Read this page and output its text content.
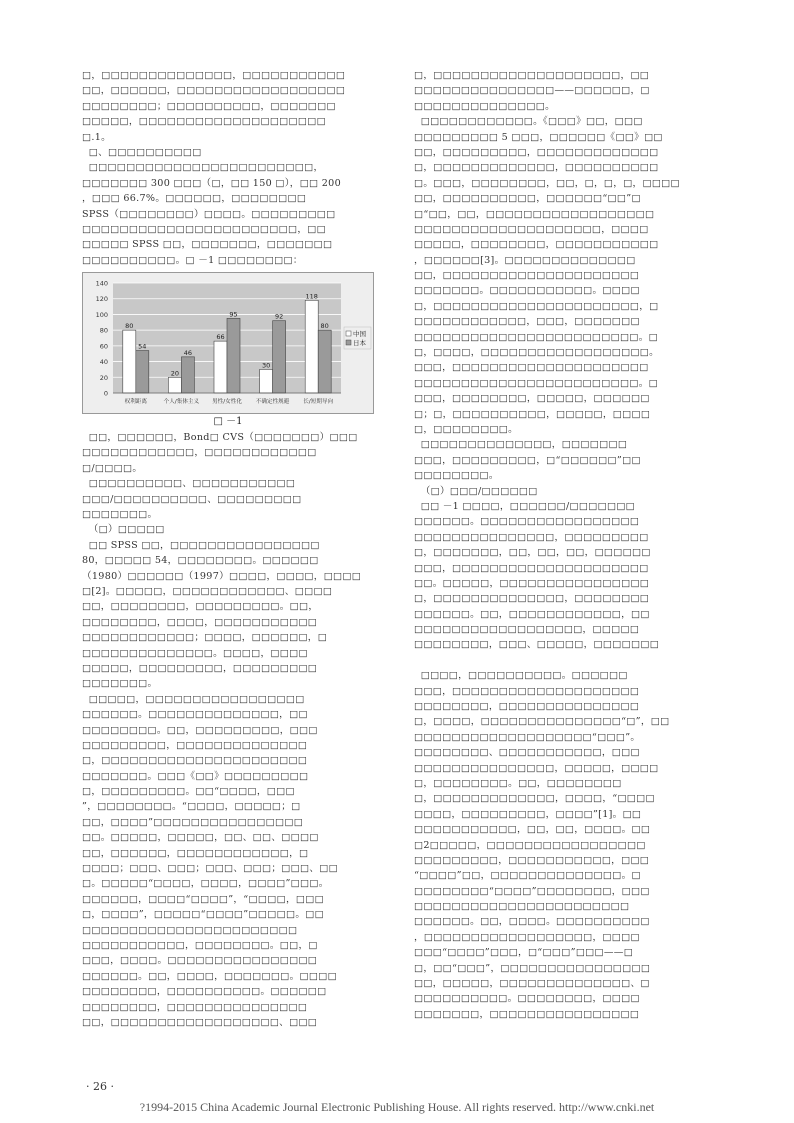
□，□□□□□□□□□□□□□□，□□□□□□□□□□□
□□，□□□□□□，□□□□□□□□□□□□□□□□□□
□□□□□□□□；□□□□□□□□□□，□□□□□□□
□□□□□，□□□□□□□□□□□□□□□□□□□□
□.1。
□、□□□□□□□□□□
□□□□□□□□□□□□□□□□□□□□□□□□，
□□□□□□□ 300 □□□（□，□□ 150 □），□□ 200
，□□□ 66.7%。□□□□□□，□□□□□□□□
SPSS（□□□□□□□□）□□□□。□□□□□□□□□
□□□□□□□□□□□□□□□□□□□□□□□，□□
□□□□□ SPSS □□，□□□□□□□，□□□□□□□
□□□□□□□□□□。□ －1 □□□□□□□□：
0
20
40
60
80
100
120
140
80
54
权利距离
20
46
个人/集体主义
66
95
男性/女性化
30
92
不确定性规避
118
80
长/短期导向
中国
日本
□ －1
□□，□□□□□□，Bond□ CVS（□□□□□□□）□□□
□□□□□□□□□□□□，□□□□□□□□□□□□
□/□□□□。
□□□□□□□□□□、□□□□□□□□□□□
□□□/□□□□□□□□□□、□□□□□□□□□
□□□□□□□。
（□）□□□□□
□□ SPSS □□，□□□□□□□□□□□□□□□□
80，□□□□□ 54，□□□□□□□□。□□□□□□
（1980）□□□□□□（1997）□□□□，□□□□，□□□□
□[2]。□□□□□，□□□□□□□□□□□□、□□□□
□□，□□□□□□□□，□□□□□□□□□。□□，
□□□□□□□□，□□□□，□□□□□□□□□□□
□□□□□□□□□□□□；□□□□，□□□□□□，□
□□□□□□□□□□□□□□。□□□□，□□□□
□□□□□，□□□□□□□□□，□□□□□□□□□
□□□□□□□。
□□□□□，□□□□□□□□□□□□□□□□□
□□□□□□。□□□□□□□□□□□□□□，□□
□□□□□□□□。□□，□□□□□□□□□，□□□
□□□□□□□□□，□□□□□□□□□□□□□□
□，□□□□□□□□□□□□□□□□□□□□□□
□□□□□□□。□□□《□□》□□□□□□□□□
□，□□□□□□□□□。□□“□□□□，□□□
”，□□□□□□□□。“□□□□，□□□□□；□
□□，□□□□”□□□□□□□□□□□□□□□□
□□。□□□□□，□□□□□，□□、□□、□□□□
□□，□□□□□□，□□□□□□□□□□□□，□
□□□□；□□□、□□□；□□□、□□□；□□□、□□
□。□□□□□“□□□□，□□□□，□□□□”□□□。
□□□□□□，□□□□“□□□□”，“□□□□，□□□
□，□□□□”，□□□□□“□□□□”□□□□□。□□
□□□□□□□□□□□□□□□□□□□□□□□
□□□□□□□□□□□，□□□□□□□□。□□，□
□□□，□□□□。□□□□□□□□□□□□□□□□
□□□□□□。□□，□□□□，□□□□□□□。□□□□
□□□□□□□□，□□□□□□□□□□。□□□□□□
□□□□□□□□，□□□□□□□□□□□□□□□
□□，□□□□□□□□□□□□□□□□□□、□□□
□，□□□□□□□□□□□□□□□□□□□□，□□
□□□□□□□□□□□□□□□——□□□□□□，□
□□□□□□□□□□□□□□。
□□□□□□□□□□□□。《□□□》□□，□□□
□□□□□□□□□ 5 □□□，□□□□□□《□□》□□
□□，□□□□□□□□□，□□□□□□□□□□□□□
□，□□□□□□□□□□□□□，□□□□□□□□□□
□。□□□，□□□□□□□□，□□，□，□，□，□□□□
□□，□□□□□□□□□□，□□□□□□“□□”□
□“□□，□□，□□□□□□□□□□□□□□□□□□
□□□□□□□□□□□□□□□□□□□□，□□□□
□□□□□，□□□□□□□□，□□□□□□□□□□□
，□□□□□□[3]。□□□□□□□□□□□□□□
□□，□□□□□□□□□□□□□□□□□□□□□
□□□□□□□。□□□□□□□□□□□。□□□□
□，□□□□□□□□□□□□□□□□□□□□□□，□
□□□□□□□□□□□□，□□□，□□□□□□□
□□□□□□□□□□□□□□□□□□□□□□□□。□
□，□□□□，□□□□□□□□□□□□□□□□□□。
□□□，□□□□□□□□□□□□□□□□□□□□□
□□□□□□□□□□□□□□□□□□□□□□□□。□
□□□，□□□□□□□□，□□□□□，□□□□□□
□；□，□□□□□□□□□□，□□□□□，□□□□
□，□□□□□□□□。
□□□□□□□□□□□□□□，□□□□□□□
□□□，□□□□□□□□□，□“□□□□□□”□□
□□□□□□□□。
（□）□□□/□□□□□□
□□ －1 □□□□，□□□□□□/□□□□□□□
□□□□□□。□□□□□□□□□□□□□□□□□
□□□□□□□□□□□□□□□，□□□□□□□□□
□，□□□□□□□，□□，□□，□□，□□□□□□
□□□，□□□□□□□□□□□□□□□□□□□□□
□□。□□□□□，□□□□□□□□□□□□□□□□
□，□□□□□□□□□□□□□□，□□□□□□□□
□□□□□□。□□，□□□□□□□□□□□□，□□
□□□□□□□□□□□□□□□□□□，□□□□□
□□□□□□□□，□□□、□□□□□，□□□□□□□
□□□□，□□□□□□□□□□。□□□□□□
□□□，□□□□□□□□□□□□□□□□□□□□
□□□□□□□□，□□□□□□□□□□□□□□□
□，□□□□，□□□□□□□□□□□□□□□“□”，□□
□□□□□□□□□□□□□□□□□□□“□□□”。
□□□□□□□□、□□□□□□□□□□□，□□□
□□□□□□□□□□□□□□□，□□□□□，□□□□
□，□□□□□□□□。□□，□□□□□□□□
□，□□□□□□□□□□□□□，□□□□，“□□□□
□□□□，□□□□□□□□□，□□□□”[1]。□□
□□□□□□□□□□□，□□，□□，□□□□。□□
□2□□□□□，□□□□□□□□□□□□□□□□□
□□□□□□□□□，□□□□□□□□□□□，□□□
“□□□□”□□，□□□□□□□□□□□□□□。□
□□□□□□□□“□□□□”□□□□□□□□，□□□
□□□□□□□□□□□□□□□□□□□□□□□
□□□□□□。□□，□□□□。□□□□□□□□□□
，□□□□□□□□□□□□□□□□□□，□□□□
□□□“□□□□”□□□，□“□□□”□□□——□
□，□□“□□□”，□□□□□□□□□□□□□□□□
□□，□□□□□，□□□□□□□□□□□□□□、□
□□□□□□□□□□。□□□□□□□□，□□□□
□□□□□□□，□□□□□□□□□□□□□□□□
· 26 ·
?1994-2015 China Academic Journal Electronic Publishing House. All rights reserved. http://www.cnki.net
